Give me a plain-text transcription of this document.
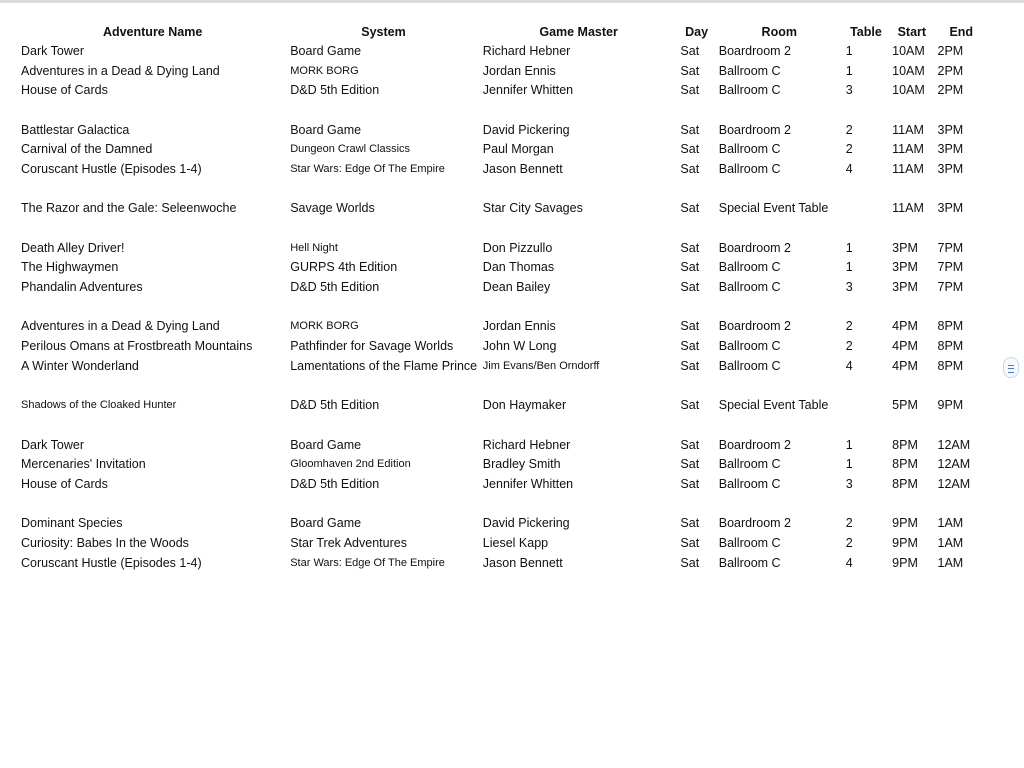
Adventure Name	System	Game Master	Day	Room	Table	Start	End
Dark Tower	Board Game	Richard Hebner	Sat	Boardroom 2	1	10AM	2PM
Adventures in a Dead & Dying Land	MORK BORG	Jordan Ennis	Sat	Ballroom C	1	10AM	2PM
House of Cards	D&D 5th Edition	Jennifer Whitten	Sat	Ballroom C	3	10AM	2PM

Battlestar Galactica	Board Game	David Pickering	Sat	Boardroom 2	2	11AM	3PM
Carnival of the Damned	Dungeon Crawl Classics	Paul Morgan	Sat	Ballroom C	2	11AM	3PM
Coruscant Hustle (Episodes 1-4)	Star Wars: Edge Of The Empire	Jason Bennett	Sat	Ballroom C	4	11AM	3PM

The Razor and the Gale: Seleenwoche	Savage Worlds	Star City Savages	Sat	Special Event Table		11AM	3PM

Death Alley Driver!	Hell Night	Don Pizzullo	Sat	Boardroom 2	1	3PM	7PM
The Highwaymen	GURPS 4th Edition	Dan Thomas	Sat	Ballroom C	1	3PM	7PM
Phandalin Adventures	D&D 5th Edition	Dean Bailey	Sat	Ballroom C	3	3PM	7PM

Adventures in a Dead & Dying Land	MORK BORG	Jordan Ennis	Sat	Boardroom 2	2	4PM	8PM
Perilous Omans at Frostbreath Mountains	Pathfinder for Savage Worlds	John W Long	Sat	Ballroom C	2	4PM	8PM
A Winter Wonderland	Lamentations of the Flame Prince	Jim Evans/Ben Orndorff	Sat	Ballroom C	4	4PM	8PM

Shadows of the Cloaked Hunter	D&D 5th Edition	Don Haymaker	Sat	Special Event Table		5PM	9PM

Dark Tower	Board Game	Richard Hebner	Sat	Boardroom 2	1	8PM	12AM
Mercenaries' Invitation	Gloomhaven 2nd Edition	Bradley Smith	Sat	Ballroom C	1	8PM	12AM
House of Cards	D&D 5th Edition	Jennifer Whitten	Sat	Ballroom C	3	8PM	12AM

Dominant Species	Board Game	David Pickering	Sat	Boardroom 2	2	9PM	1AM
Curiosity: Babes In the Woods	Star Trek Adventures	Liesel Kapp	Sat	Ballroom C	2	9PM	1AM
Coruscant Hustle (Episodes 1-4)	Star Wars: Edge Of The Empire	Jason Bennett	Sat	Ballroom C	4	9PM	1AM
